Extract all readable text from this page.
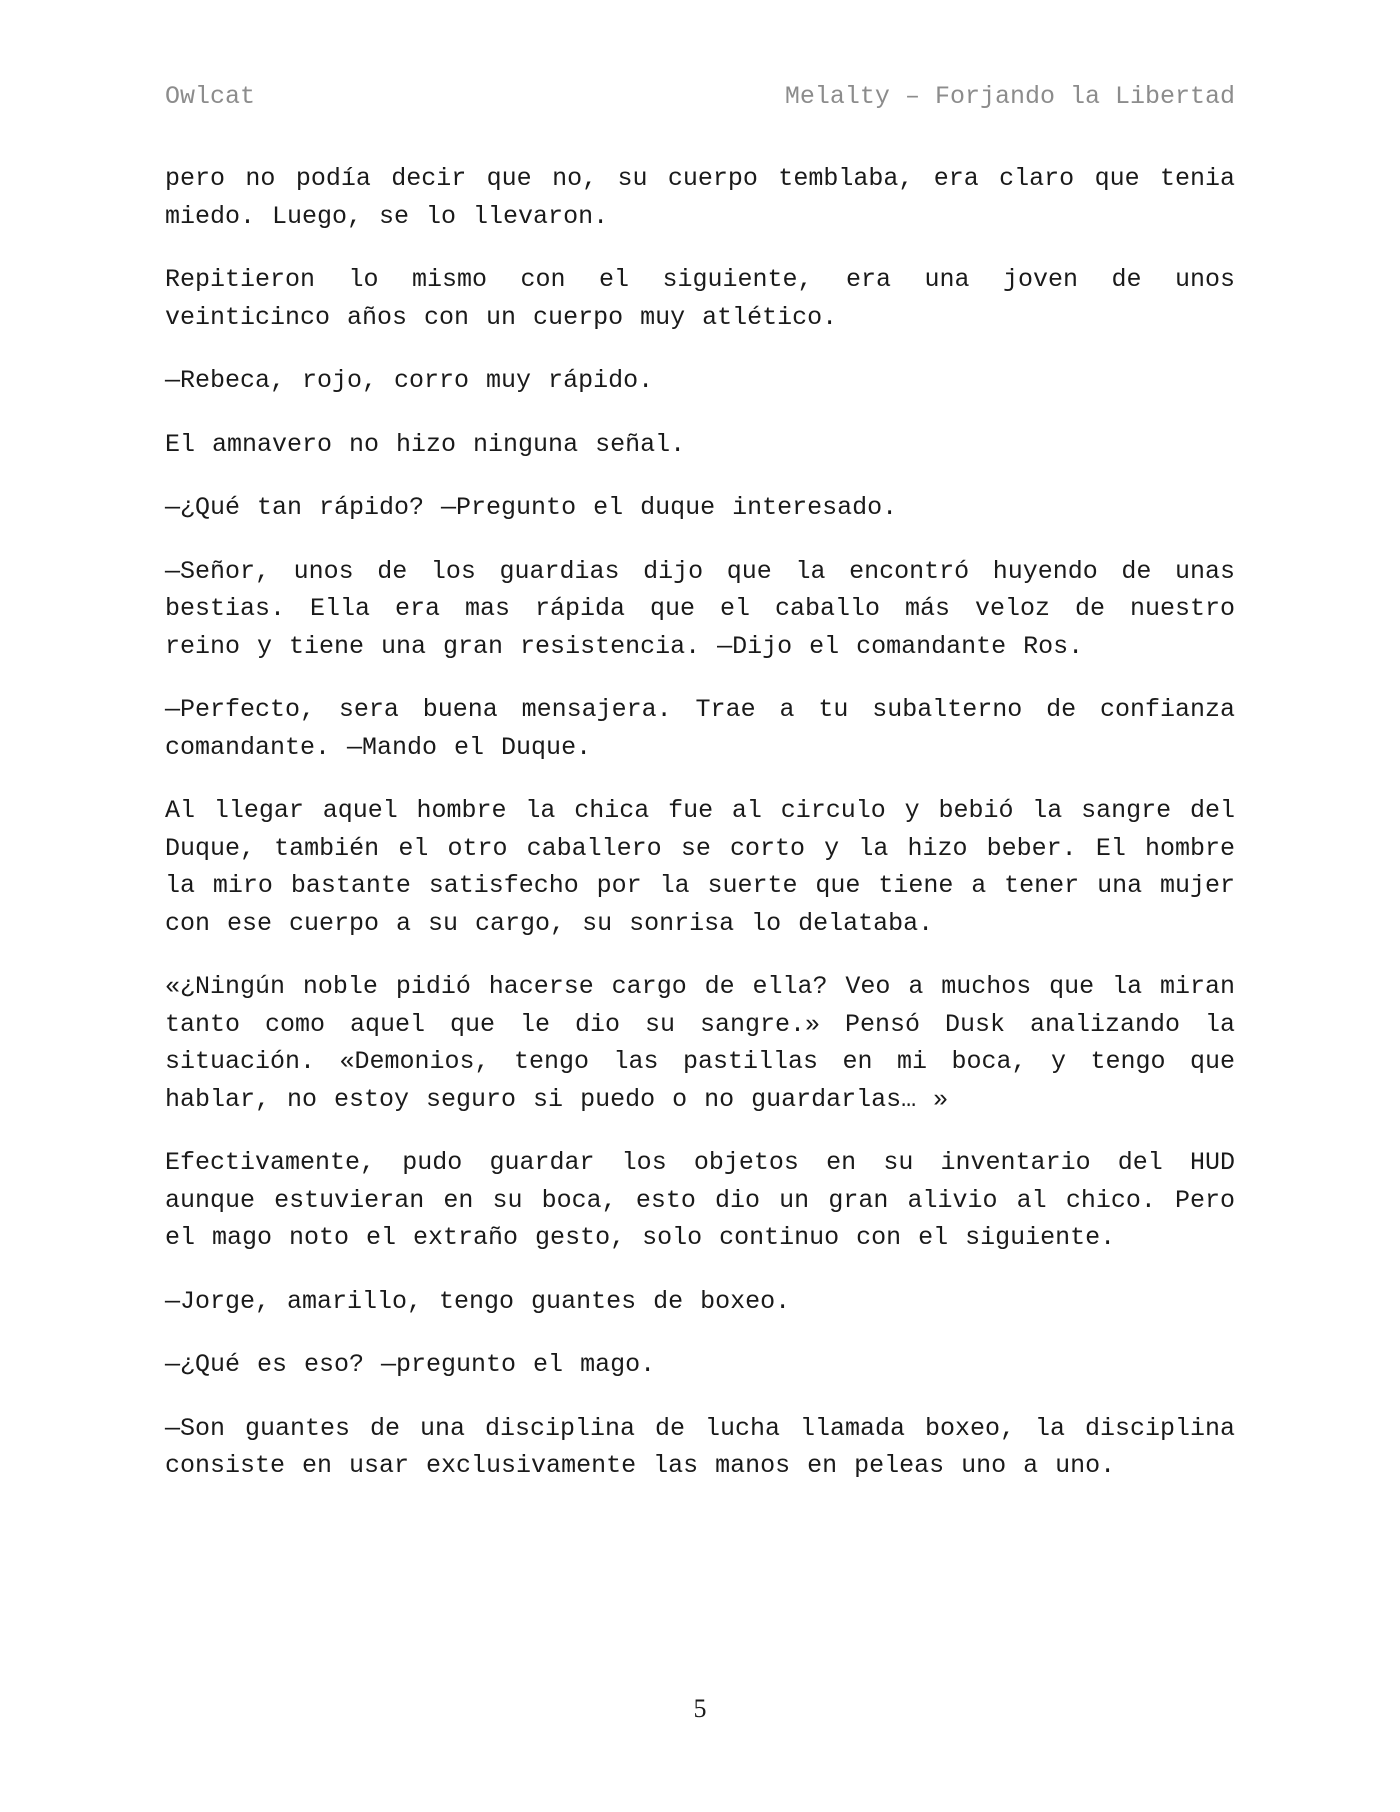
Owlcat	Melalty – Forjando la Libertad

pero no podía decir que no, su cuerpo temblaba, era claro que tenia miedo. Luego, se lo llevaron.

Repitieron lo mismo con el siguiente, era una joven de unos veinticinco años con un cuerpo muy atlético.

—Rebeca, rojo, corro muy rápido.

El amnavero no hizo ninguna señal.

—¿Qué tan rápido? —Pregunto el duque interesado.

—Señor, unos de los guardias dijo que la encontró huyendo de unas bestias. Ella era mas rápida que el caballo más veloz de nuestro reino y tiene una gran resistencia. —Dijo el comandante Ros.

—Perfecto, sera buena mensajera. Trae a tu subalterno de confianza comandante. —Mando el Duque.

Al llegar aquel hombre la chica fue al circulo y bebió la sangre del Duque, también el otro caballero se corto y la hizo beber. El hombre la miro bastante satisfecho por la suerte que tiene a tener una mujer con ese cuerpo a su cargo, su sonrisa lo delataba.

«¿Ningún noble pidió hacerse cargo de ella? Veo a muchos que la miran tanto como aquel que le dio su sangre.» Pensó Dusk analizando la situación. «Demonios, tengo las pastillas en mi boca, y tengo que hablar, no estoy seguro si puedo o no guardarlas… »

Efectivamente, pudo guardar los objetos en su inventario del HUD aunque estuvieran en su boca, esto dio un gran alivio al chico. Pero el mago noto el extraño gesto, solo continuo con el siguiente.

—Jorge, amarillo, tengo guantes de boxeo.

—¿Qué es eso? —pregunto el mago.

—Son guantes de una disciplina de lucha llamada boxeo, la disciplina consiste en usar exclusivamente las manos en peleas uno a uno.

5
